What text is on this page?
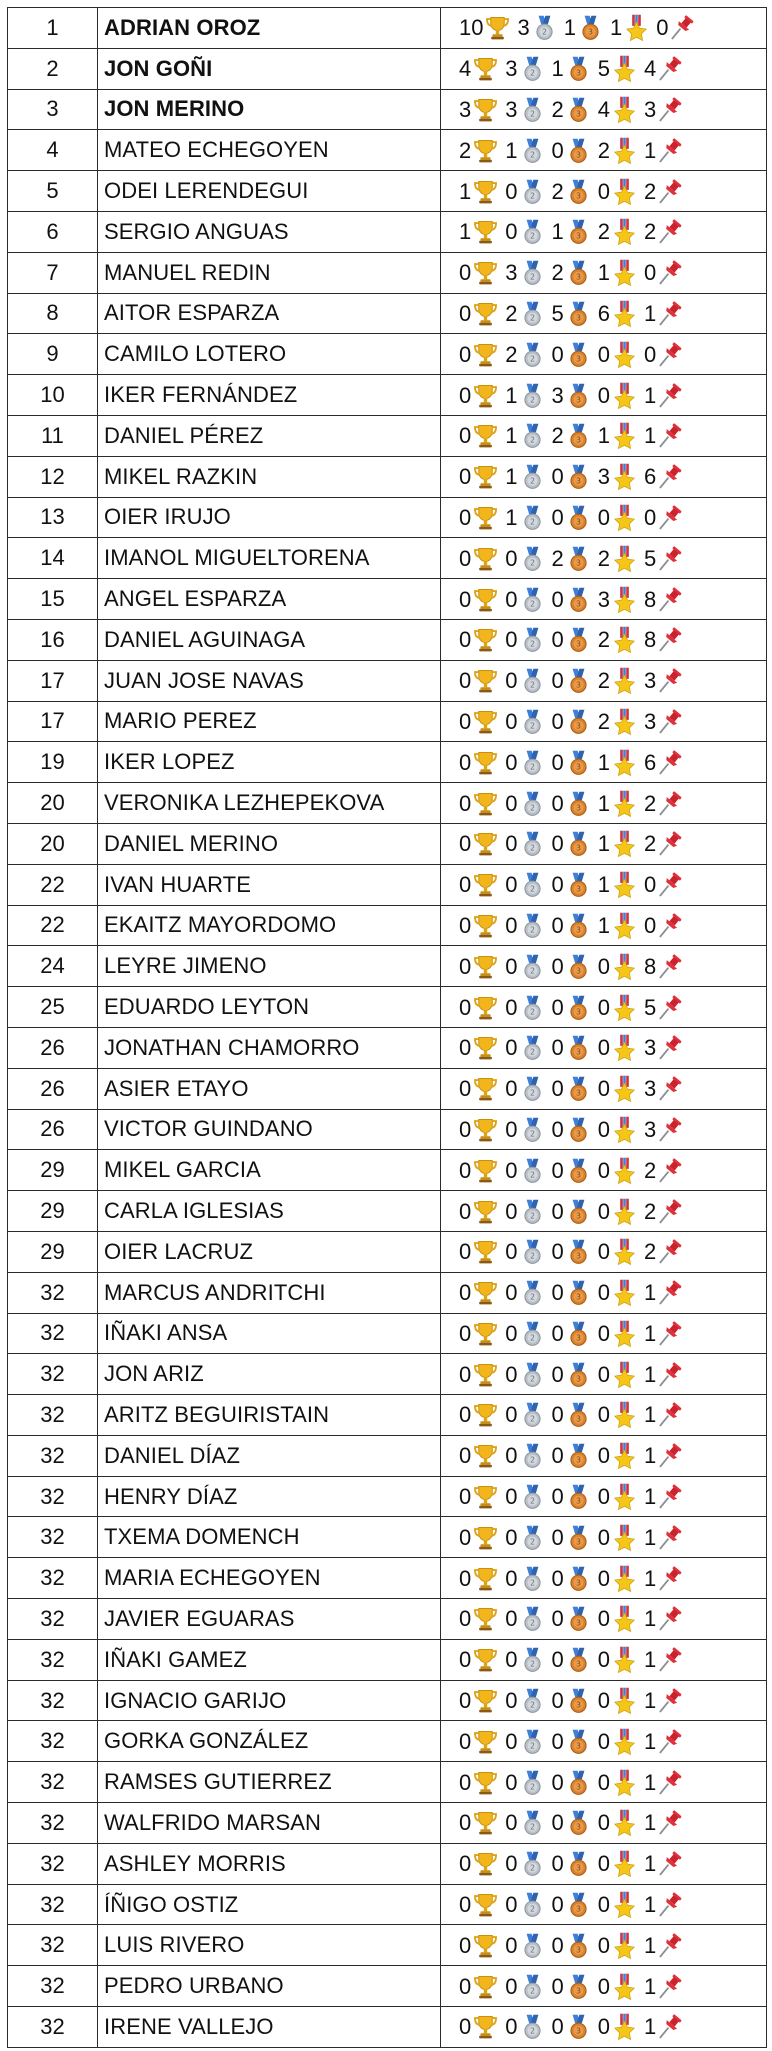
1	ADRIAN OROZ	10 3 1 1 0

2	JON GOÑI	4 3 1 5 4

3	JON MERINO	3 3 2 4 3

4	MATEO ECHEGOYEN	2 1 0 2 1

5	ODEI LERENDEGUI	1 0 2 0 2

6	SERGIO ANGUAS	1 0 1 2 2

7	MANUEL REDIN	0 3 2 1 0

8	AITOR ESPARZA	0 2 5 6 1

9	CAMILO LOTERO	0 2 0 0 0

10	IKER FERNÁNDEZ	0 1 3 0 1

11	DANIEL PÉREZ	0 1 2 1 1

12	MIKEL RAZKIN	0 1 0 3 6

13	OIER IRUJO	0 1 0 0 0

14	IMANOL MIGUELTORENA	0 0 2 2 5

15	ANGEL ESPARZA	0 0 0 3 8

16	DANIEL AGUINAGA	0 0 0 2 8

17	JUAN JOSE NAVAS	0 0 0 2 3

17	MARIO PEREZ	0 0 0 2 3

19	IKER LOPEZ	0 0 0 1 6

20	VERONIKA LEZHEPEKOVA	0 0 0 1 2

20	DANIEL MERINO	0 0 0 1 2

22	IVAN HUARTE	0 0 0 1 0

22	EKAITZ MAYORDOMO	0 0 0 1 0

24	LEYRE JIMENO	0 0 0 0 8

25	EDUARDO LEYTON	0 0 0 0 5

26	JONATHAN CHAMORRO	0 0 0 0 3

26	ASIER ETAYO	0 0 0 0 3

26	VICTOR GUINDANO	0 0 0 0 3

29	MIKEL GARCIA	0 0 0 0 2

29	CARLA IGLESIAS	0 0 0 0 2

29	OIER LACRUZ	0 0 0 0 2

32	MARCUS ANDRITCHI	0 0 0 0 1

32	IÑAKI ANSA	0 0 0 0 1

32	JON ARIZ	0 0 0 0 1

32	ARITZ BEGUIRISTAIN	0 0 0 0 1

32	DANIEL DÍAZ	0 0 0 0 1

32	HENRY DÍAZ	0 0 0 0 1

32	TXEMA DOMENCH	0 0 0 0 1

32	MARIA ECHEGOYEN	0 0 0 0 1

32	JAVIER EGUARAS	0 0 0 0 1

32	IÑAKI GAMEZ	0 0 0 0 1

32	IGNACIO GARIJO	0 0 0 0 1

32	GORKA GONZÁLEZ	0 0 0 0 1

32	RAMSES GUTIERREZ	0 0 0 0 1

32	WALFRIDO MARSAN	0 0 0 0 1

32	ASHLEY MORRIS	0 0 0 0 1

32	ÍÑIGO OSTIZ	0 0 0 0 1

32	LUIS RIVERO	0 0 0 0 1

32	PEDRO URBANO	0 0 0 0 1

32	IRENE VALLEJO	0 0 0 0 1
